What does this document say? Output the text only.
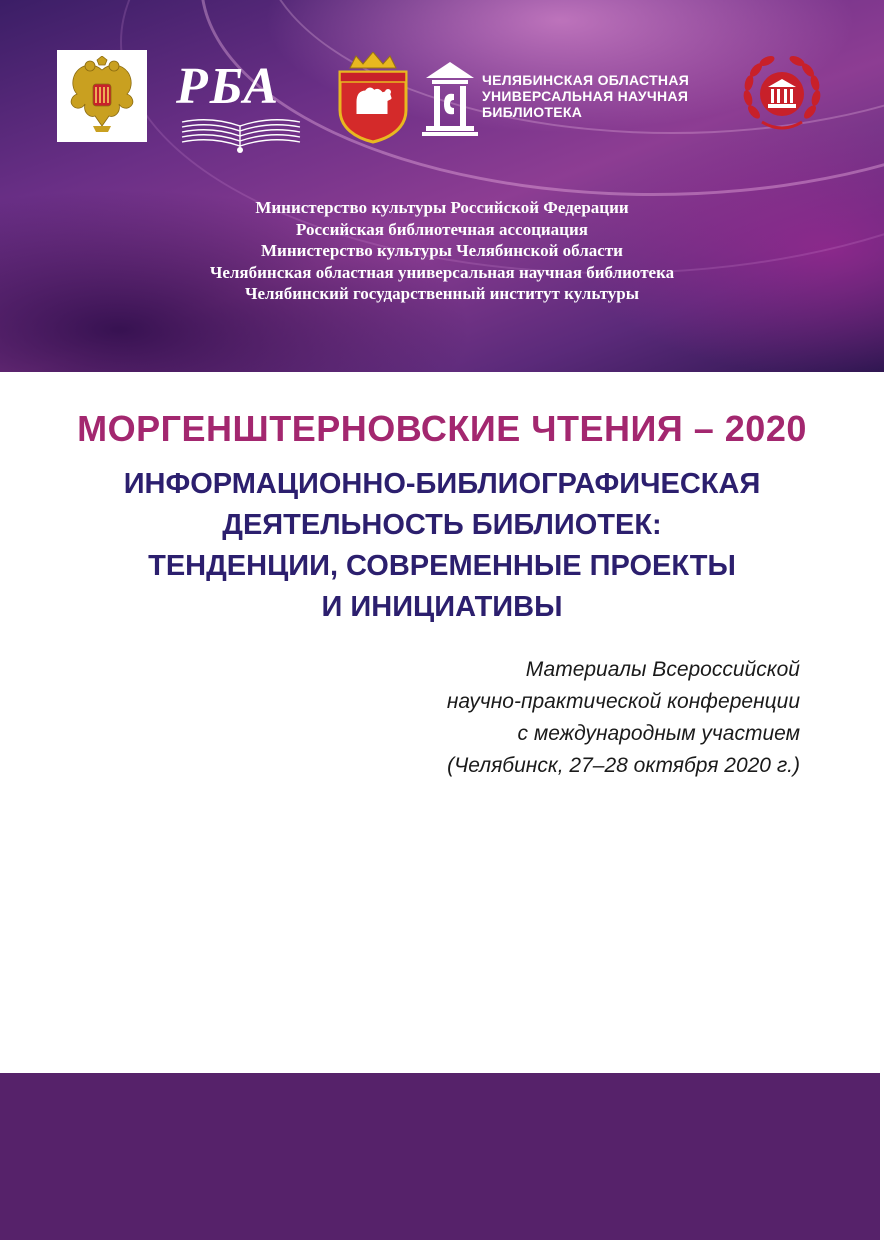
РБА	ЧЕЛЯБИНСКАЯ ОБЛАСТНАЯ
УНИВЕРСАЛЬНАЯ НАУЧНАЯ
БИБЛИОТЕКА
Министерство культуры Российской Федерации
Российская библиотечная ассоциация
Министерство культуры Челябинской области
Челябинская областная универсальная научная библиотека
Челябинский государственный институт культуры
МОРГЕНШТЕРНОВСКИЕ ЧТЕНИЯ – 2020
ИНФОРМАЦИОННО-БИБЛИОГРАФИЧЕСКАЯ
ДЕЯТЕЛЬНОСТЬ БИБЛИОТЕК:
ТЕНДЕНЦИИ, СОВРЕМЕННЫЕ ПРОЕКТЫ
И ИНИЦИАТИВЫ
Материалы Всероссийской
научно-практической конференции
с международным участием
(Челябинск, 27–28 октября 2020 г.)
